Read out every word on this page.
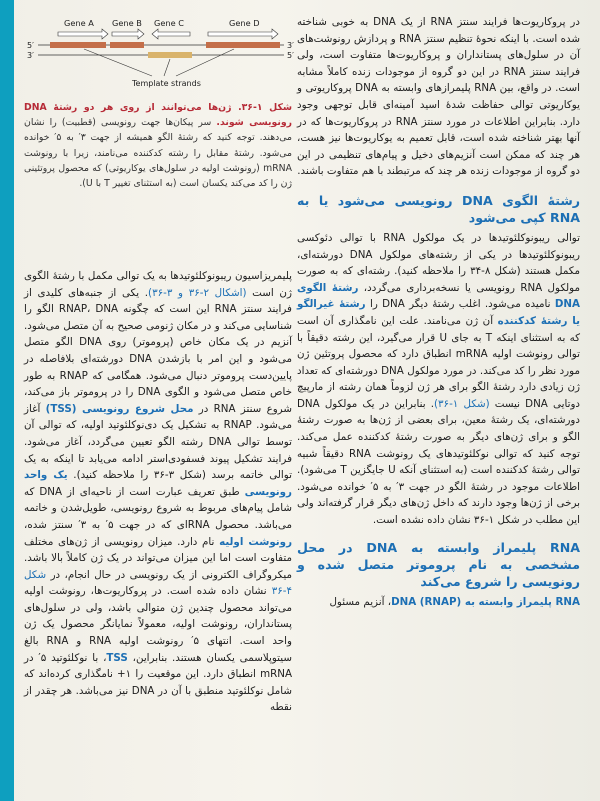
Gene A Gene B Gene C	Gene D
5′
3′
3′
5′
Template strands
شکل ۱-۳۶. ژن‌ها می‌توانند از روی هر دو رشتهٔ DNA رونویسی شوند. سر پیکان‌ها جهت رونویسی (قطبیت) را نشان می‌دهند. توجه کنید که رشتهٔ الگو همیشه از جهت ۳′ به ۵′ خوانده می‌شود. رشتهٔ مقابل را رشته کدکننده می‌نامند، زیرا با رونوشت mRNA (رونوشت اولیه در سلول‌های یوکاریوتی) که محصول پروتئینی ژن را کد می‌کند یکسان است (به استثنای تغییر T با U).

در پروکاریوت‌ها فرایند سنتز RNA از یک DNA به خوبی شناخته شده است. با اینکه نحوهٔ تنظیم سنتز RNA و پردازش رونوشت‌های آن در سلول‌های پستانداران و پروکاریوت‌ها متفاوت است، ولی فرایند سنتز RNA در این دو گروه از موجودات زنده کاملاً مشابه است. در واقع، بین RNA پلیمرازهای وابسته به DNA پروکاریوتی و یوکاریوتی توالی حفاظت شدهٔ اسید آمینه‌ای قابل توجهی وجود دارد. بنابراین اطلاعات در مورد سنتز RNA در پروکاریوت‌ها که در آنها بهتر شناخته شده است، قابل تعمیم به یوکاریوت‌ها نیز هست، هر چند که ممکن است آنزیم‌های دخیل و پیام‌های تنظیمی در این دو گروه از موجودات زنده هر چند که مرتبطند با هم متفاوت باشند.

رشتهٔ الگوی DNA رونویسی می‌شود یا به RNA کپی می‌شود

توالی ریبونوکلئوتیدها در یک مولکول RNA با توالی دئوکسی ریبونوکلئوتیدها در یکی از رشته‌های مولکول DNA دورشته‌ای، مکمل هستند (شکل ۸-۳۴ را ملاحظه کنید). رشته‌ای که به صورت مولکول RNA رونویسی یا نسخه‌برداری می‌گردد، رشتهٔ الگوی DNA نامیده می‌شود. اغلب رشتهٔ دیگر DNA را رشتهٔ غیرالگو یا رشتهٔ کدکننده آن ژن می‌نامند. علت این نامگذاری آن است که به استثنای اینکه T به جای U قرار می‌گیرد، این رشته دقیقاً با توالی رونوشت اولیه mRNA انطباق دارد که محصول پروتئین ژن مورد نظر را کد می‌کند. در مورد مولکول DNA دورشته‌ای که تعداد ژن زیادی دارد رشتهٔ الگو برای هر ژن لزوماً همان رشته از مارپیچ دوتایی DNA نیست (شکل ۱-۳۶). بنابراین در یک مولکول DNA دورشته‌ای، یک رشتهٔ معین، برای بعضی از ژن‌ها به صورت رشتهٔ الگو و برای ژن‌های دیگر به صورت رشتهٔ کدکننده عمل می‌کند. توجه کنید که توالی نوکلئوتیدهای یک رونوشت RNA دقیقاً شبیه توالی رشتهٔ کدکننده است (به استثنای آنکه U جایگزین T می‌شود). اطلاعات موجود در رشتهٔ الگو در جهت ۳′ به ۵′ خوانده می‌شود. برخی از ژن‌ها وجود دارند که داخل ژن‌های دیگر قرار گرفته‌اند ولی این مطلب در شکل ۱-۳۶ نشان داده نشده است.

RNA پلیمراز وابسته به DNA در محل مشخصی به نام پروموتر متصل شده و رونویسی را شروع می‌کند

RNA پلیمراز وابسته به DNA (RNAP)، آنزیم مسئول

پلیمریزاسیون ریبونوکلئوتیدها به یک توالی مکمل با رشتهٔ الگوی ژن است (اشکال ۲-۳۶ و ۳-۳۶). یکی از جنبه‌های کلیدی از فرایند سنتز RNA این است که چگونه RNAP، DNA الگو را شناسایی می‌کند و در مکان ژنومی صحیح به آن متصل می‌شود. آنزیم در یک مکان خاص (پروموتر) روی DNA الگو متصل می‌شود و این امر با بازشدن DNA دورشته‌ای بلافاصله در پایین‌دست پروموتر دنبال می‌شود. همگامی که RNAP به طور خاص متصل می‌شود و الگوی DNA را در پروموتر باز می‌کند، شروع سنتز RNA در محل شروع رونویسی (TSS) آغاز می‌شود. RNAP به تشکیل یک دی‌نوکلئوتید اولیه، که توالی آن توسط توالی DNA رشته الگو تعیین می‌گردد، آغاز می‌شود. فرایند تشکیل پیوند فسفودی‌استر ادامه می‌یابد تا اینکه به یک توالی خاتمه برسد (شکل ۳-۳۶ را ملاحظه کنید). یک واحد رونویسی طبق تعریف عبارت است از ناحیه‌ای از DNA که شامل پیام‌های مربوط به شروع رونویسی، طویل‌شدن و خاتمه می‌باشد. محصول RNAای که در جهت ۵′ به ۳′ سنتز شده، رونوشت اولیه نام دارد. میزان رونویسی از ژن‌های مختلف متفاوت است اما این میزان می‌تواند در یک ژن کاملاً بالا باشد. میکروگراف الکترونی از یک رونویسی در حال انجام، در شکل ۴-۳۶ نشان داده شده است. در پروکاریوت‌ها، رونوشت اولیه می‌تواند محصول چندین ژن متوالی باشد، ولی در سلول‌های پستانداران، رونوشت اولیه، معمولاً نمایانگر محصول یک ژن واحد است. انتهای ۵′ رونوشت اولیه RNA و RNA بالغ سیتوپلاسمی یکسان هستند. بنابراین، TSS، با نوکلئوتید ۵′ در mRNA انطباق دارد. این موقعیت را ۱+ نامگذاری کرده‌اند که شامل نوکلئوتید منطبق با آن در DNA نیز می‌باشد. هر چقدر از نقطه
